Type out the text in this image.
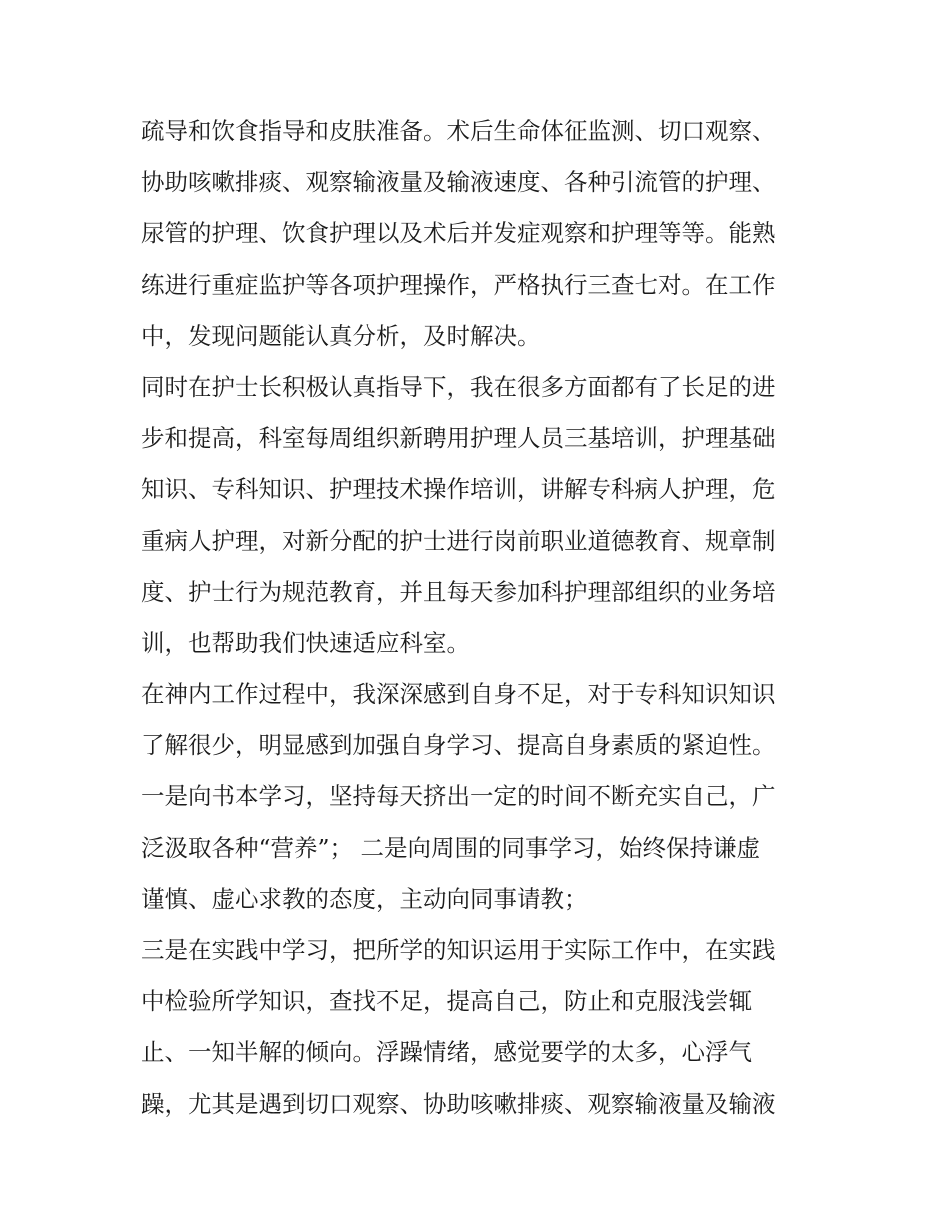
疏导和饮食指导和皮肤准备。术后生命体征监测、切口观察、
协助咳嗽排痰、观察输液量及输液速度、各种引流管的护理、
尿管的护理、饮食护理以及术后并发症观察和护理等等。能熟
练进行重症监护等各项护理操作，严格执行三查七对。在工作
中，发现问题能认真分析，及时解决。
同时在护士长积极认真指导下，我在很多方面都有了长足的进
步和提高，科室每周组织新聘用护理人员三基培训，护理基础
知识、专科知识、护理技术操作培训，讲解专科病人护理，危
重病人护理，对新分配的护士进行岗前职业道德教育、规章制
度、护士行为规范教育，并且每天参加科护理部组织的业务培
训，也帮助我们快速适应科室。
在神内工作过程中，我深深感到自身不足，对于专科知识知识
了解很少，明显感到加强自身学习、提高自身素质的紧迫性。
一是向书本学习，坚持每天挤出一定的时间不断充实自己，广
泛汲取各种“营养”； 二是向周围的同事学习，始终保持谦虚
谨慎、虚心求教的态度，主动向同事请教；
三是在实践中学习，把所学的知识运用于实际工作中，在实践
中检验所学知识，查找不足，提高自己，防止和克服浅尝辄
止、一知半解的倾向。浮躁情绪，感觉要学的太多，心浮气
躁，尤其是遇到切口观察、协助咳嗽排痰、观察输液量及输液
